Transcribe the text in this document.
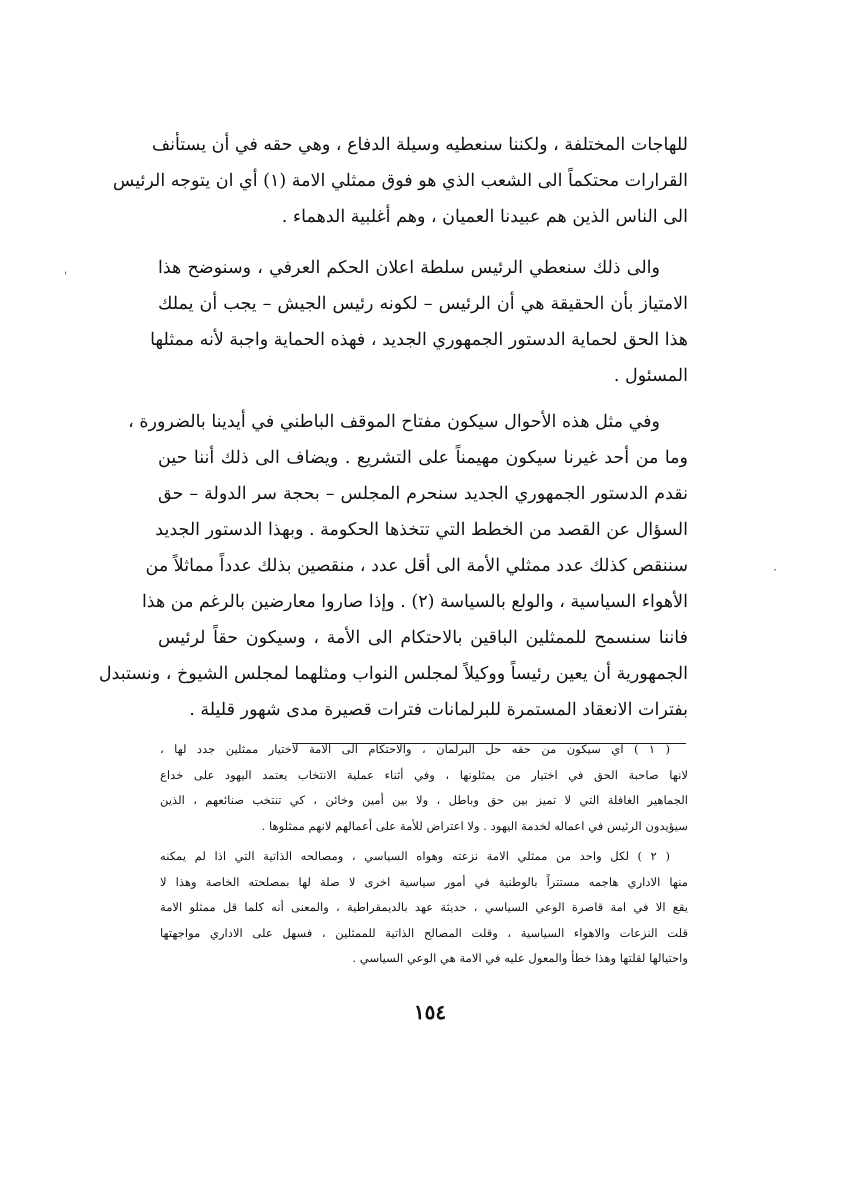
للهاجات المختلفة ، ولكننا سنعطيه وسيلة الدفاع ، وهي حقه في أن يستأنف
القرارات محتكماً الى الشعب الذي هو فوق ممثلي الامة (١) أي ان يتوجه الرئيس
الى الناس الذين هم عبيدنا العميان ، وهم أغلبية الدهماء .
والى ذلك سنعطي الرئيس سلطة اعلان الحكم العرفي ، وسنوضح هذا
الامتياز بأن الحقيقة هي أن الرئيس – لكونه رئيس الجيش – يجب أن يملك
هذا الحق لحماية الدستور الجمهوري الجديد ، فهذه الحماية واجبة لأنه ممثلها
المسئول .
وفي مثل هذه الأحوال سيكون مفتاح الموقف الباطني في أيدينا بالضرورة ،
وما من أحد غيرنا سيكون مهيمناً على التشريع . ويضاف الى ذلك أننا حين
نقدم الدستور الجمهوري الجديد سنحرم المجلس – بحجة سر الدولة – حق
السؤال عن القصد من الخطط التي تتخذها الحكومة . وبهذا الدستور الجديد
سننقص كذلك عدد ممثلي الأمة الى أقل عدد ، منقصين بذلك عدداً مماثلاً من
الأهواء السياسية ، والولع بالسياسة (٢) . وإذا صاروا معارضين بالرغم من هذا
فاننا سنسمح للممثلين الباقين بالاحتكام الى الأمة ، وسيكون حقاً لرئيس
الجمهورية أن يعين رئيساً ووكيلاً لمجلس النواب ومثلهما لمجلس الشيوخ ، ونستبدل
بفترات الانعقاد المستمرة للبرلمانات فترات قصيرة مدى شهور قليلة .
( ١ ) اي سيكون من حقه حل البرلمان ، والاحتكام الى الامة لاختيار ممثلين جدد لها ،
لانها صاحبة الحق في اختيار من يمثلونها ، وفي أثناء عملية الانتخاب يعتمد اليهود على خداع
الجماهير الغافلة التي لا تميز بين حق وباطل ، ولا بين أمين وخائن ، كي تنتخب صنائعهم ، الذين
سيؤيدون الرئيس في اعماله لخدمة اليهود . ولا اعتراض للأمة على أعمالهم لانهم ممثلوها .
( ٢ ) لكل واحد من ممثلي الامة نزعته وهواه السياسي ، ومصالحه الذاتية التي اذا لم يمكنه
منها الاداري هاجمه مستتراً بالوطنية في أمور سياسية اخرى لا صلة لها بمصلحته الخاصة وهذا لا
يقع الا في امة قاصرة الوعي السياسي ، حديثة عهد بالديمقراطية ، والمعنى أنه كلما قل ممثلو الامة
قلت النزعات والاهواء السياسية ، وقلت المصالح الذاتية للممثلين ، فسهل على الاداري مواجهتها
واحتيالها لقلتها وهذا خطأ والمعول عليه في الامة هي الوعي السياسي .
١٥٤
ˌ
·
